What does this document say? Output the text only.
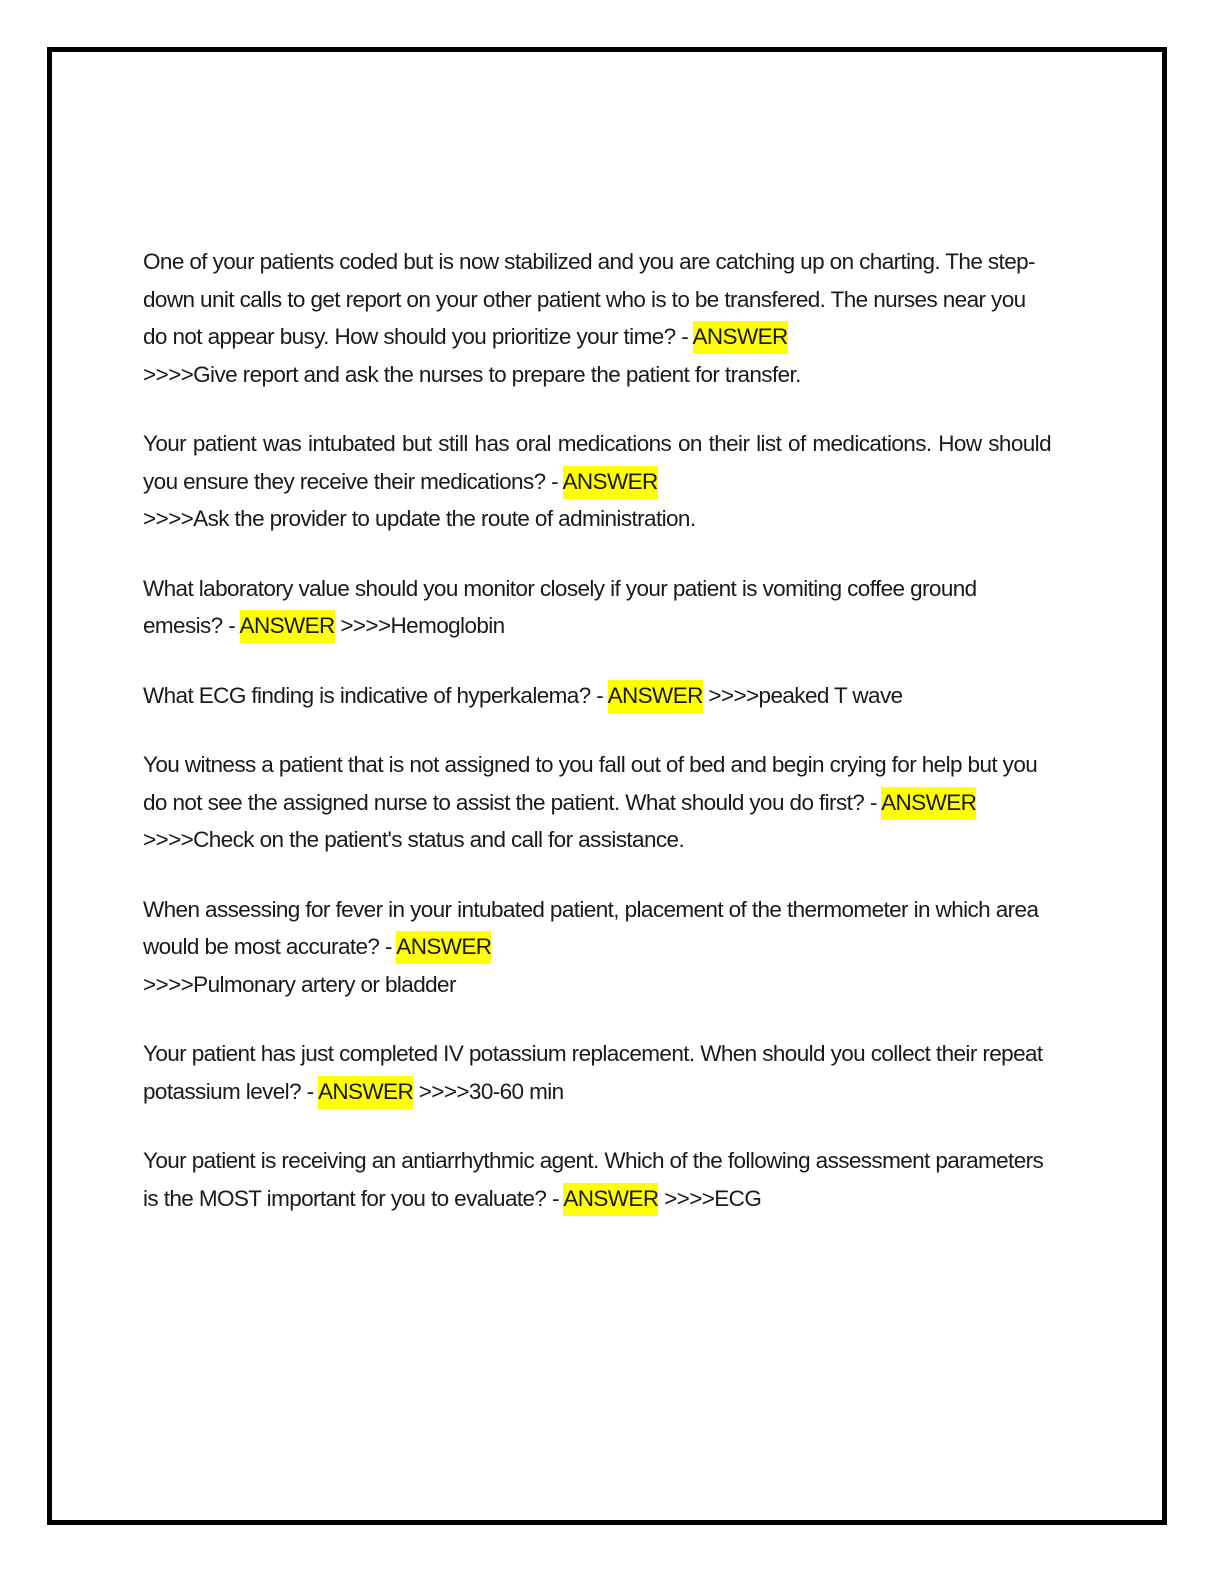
One of your patients coded but is now stabilized and you are catching up on charting. The step-down unit calls to get report on your other patient who is to be transfered. The nurses near you do not appear busy. How should you prioritize your time? - ANSWER
>>>>Give report and ask the nurses to prepare the patient for transfer.

Your patient was intubated but still has oral medications on their list of medications. How should you ensure they receive their medications? - ANSWER
>>>>Ask the provider to update the route of administration.

What laboratory value should you monitor closely if your patient is vomiting coffee ground emesis? - ANSWER >>>>Hemoglobin

What ECG finding is indicative of hyperkalema? - ANSWER >>>>peaked T wave

You witness a patient that is not assigned to you fall out of bed and begin crying for help but you do not see the assigned nurse to assist the patient. What should you do first? - ANSWER >>>>Check on the patient's status and call for assistance.

When assessing for fever in your intubated patient, placement of the thermometer in which area would be most accurate? - ANSWER
>>>>Pulmonary artery or bladder

Your patient has just completed IV potassium replacement. When should you collect their repeat potassium level? - ANSWER >>>>30-60 min

Your patient is receiving an antiarrhythmic agent. Which of the following assessment parameters is the MOST important for you to evaluate? - ANSWER >>>>ECG
